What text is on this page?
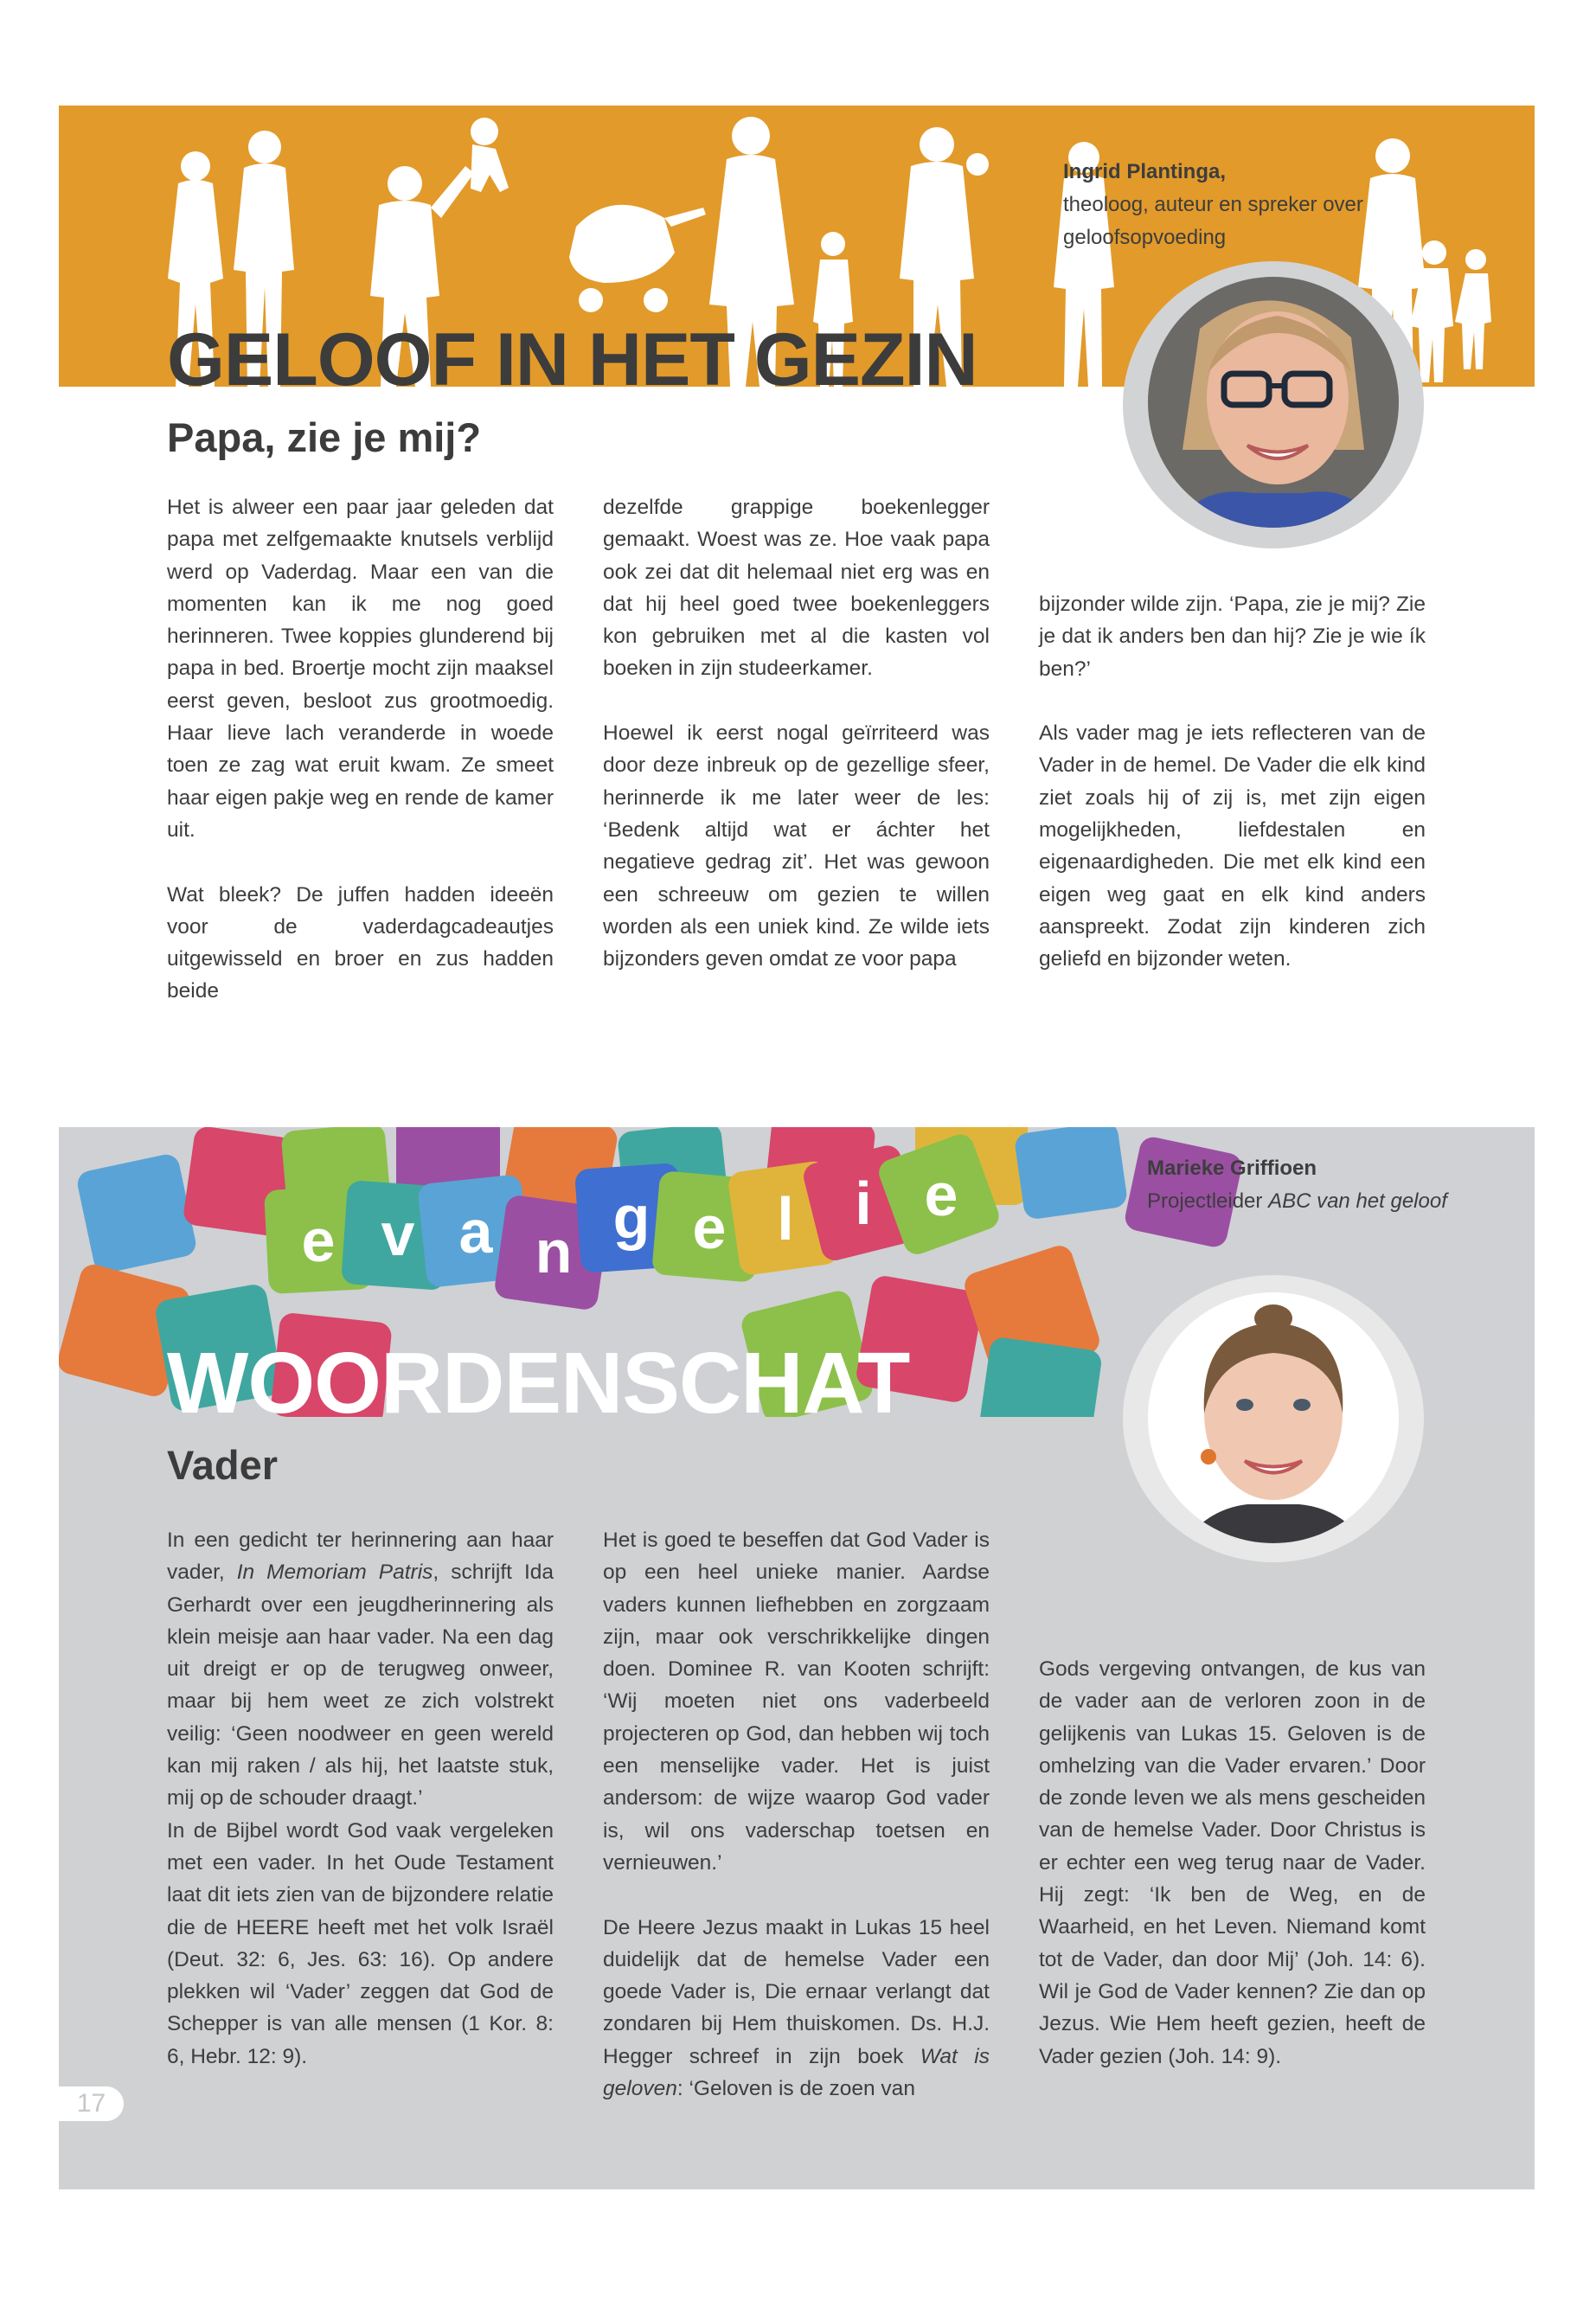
GELOOF IN HET GEZIN
Papa, zie je mij?
Ingrid Plantinga,
theoloog, auteur en spreker over
geloofsopvoeding

Het is alweer een paar jaar geleden dat papa met zelfgemaakte knutsels verblijd werd op Vaderdag. Maar een van die momenten kan ik me nog goed herinneren. Twee koppies glunderend bij papa in bed. Broertje mocht zijn maaksel eerst geven, besloot zus grootmoedig. Haar lieve lach veranderde in woede toen ze zag wat eruit kwam. Ze smeet haar eigen pakje weg en rende de kamer uit.

Wat bleek? De juffen hadden ideeën voor de vaderdagcadeautjes uitgewisseld en broer en zus hadden beide

dezelfde grappige boekenlegger gemaakt. Woest was ze. Hoe vaak papa ook zei dat dit helemaal niet erg was en dat hij heel goed twee boekenleggers kon gebruiken met al die kasten vol boeken in zijn studeerkamer.

Hoewel ik eerst nogal geïrriteerd was door deze inbreuk op de gezellige sfeer, herinnerde ik me later weer de les: ‘Bedenk altijd wat er áchter het negatieve gedrag zit’. Het was gewoon een schreeuw om gezien te willen worden als een uniek kind. Ze wilde iets bijzonders geven omdat ze voor papa

bijzonder wilde zijn. ‘Papa, zie je mij? Zie je dat ik anders ben dan hij? Zie je wie ík ben?’

Als vader mag je iets reflecteren van de Vader in de hemel. De Vader die elk kind ziet zoals hij of zij is, met zijn eigen mogelijkheden, liefdestalen en eigenaardigheden. Die met elk kind een eigen weg gaat en elk kind anders aanspreekt. Zodat zijn kinderen zich geliefd en bijzonder weten.

e v a n
g e l i e
WOORDENSCHAT
Vader
Marieke Griffioen
Projectleider ABC van het geloof

In een gedicht ter herinnering aan haar vader, In Memoriam Patris, schrijft Ida Gerhardt over een jeugdherinnering als klein meisje aan haar vader. Na een dag uit dreigt er op de terugweg onweer, maar bij hem weet ze zich volstrekt veilig: ‘Geen noodweer en geen wereld kan mij raken / als hij, het laatste stuk, mij op de schouder draagt.’

In de Bijbel wordt God vaak vergeleken met een vader. In het Oude Testament laat dit iets zien van de bijzondere relatie die de HEERE heeft met het volk Israël (Deut. 32: 6, Jes. 63: 16). Op andere plekken wil ‘Vader’ zeggen dat God de Schepper is van alle mensen (1 Kor. 8: 6, Hebr. 12: 9).

Het is goed te beseffen dat God Vader is op een heel unieke manier. Aardse vaders kunnen liefhebben en zorgzaam zijn, maar ook verschrikkelijke dingen doen. Dominee R. van Kooten schrijft: ‘Wij moeten niet ons vaderbeeld projecteren op God, dan hebben wij toch een menselijke vader. Het is juist andersom: de wijze waarop God vader is, wil ons vaderschap toetsen en vernieuwen.’

De Heere Jezus maakt in Lukas 15 heel duidelijk dat de hemelse Vader een goede Vader is, Die ernaar verlangt dat zondaren bij Hem thuiskomen. Ds. H.J. Hegger schreef in zijn boek Wat is geloven: ‘Geloven is de zoen van

Gods vergeving ontvangen, de kus van de vader aan de verloren zoon in de gelijkenis van Lukas 15. Geloven is de omhelzing van die Vader ervaren.’ Door de zonde leven we als mens gescheiden van de hemelse Vader. Door Christus is er echter een weg terug naar de Vader. Hij zegt: ‘Ik ben de Weg, en de Waarheid, en het Leven. Niemand komt tot de Vader, dan door Mij’ (Joh. 14: 6). Wil je God de Vader kennen? Zie dan op Jezus. Wie Hem heeft gezien, heeft de Vader gezien (Joh. 14: 9).

17
